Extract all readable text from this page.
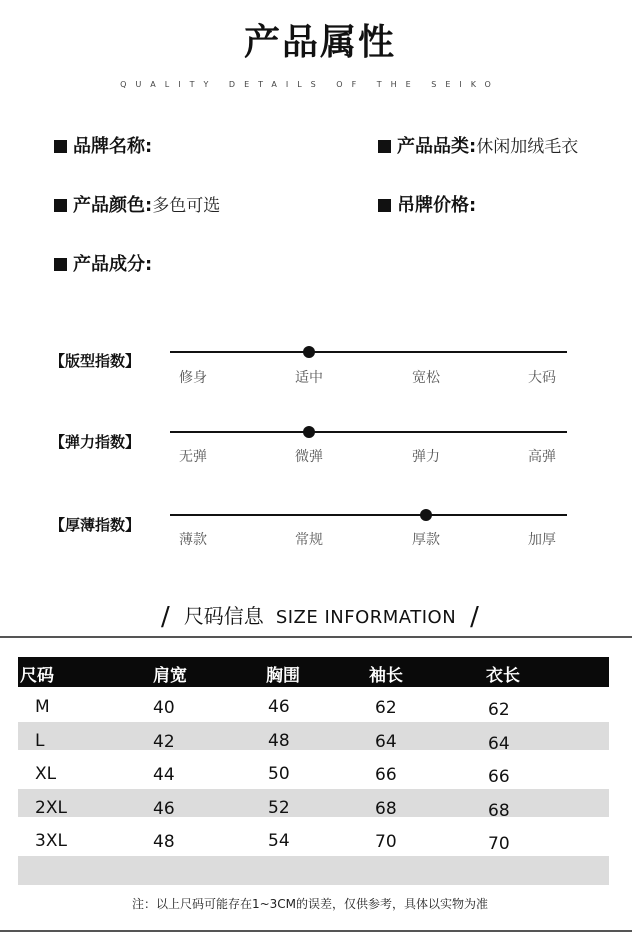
产品属性
QUALITY DETAILS OF THE SEIKO
品牌名称:	产品品类:休闲加绒毛衣
产品颜色:多色可选	吊牌价格:
产品成分:
【版型指数】
修身	适中	宽松	大码
【弹力指数】
无弹	微弹	弹力	高弹
【厚薄指数】
薄款	常规	厚款	加厚
/ 尺码信息 SIZE INFORMATION /
尺码	肩宽	胸围	袖长	衣长
M	40	46	62	62
L	42	48	64	64
XL	44	50	66	66
2XL	46	52	68	68
3XL	48	54	70	70
注：以上尺码可能存在1~3CM的误差，仅供参考，具体以实物为准
